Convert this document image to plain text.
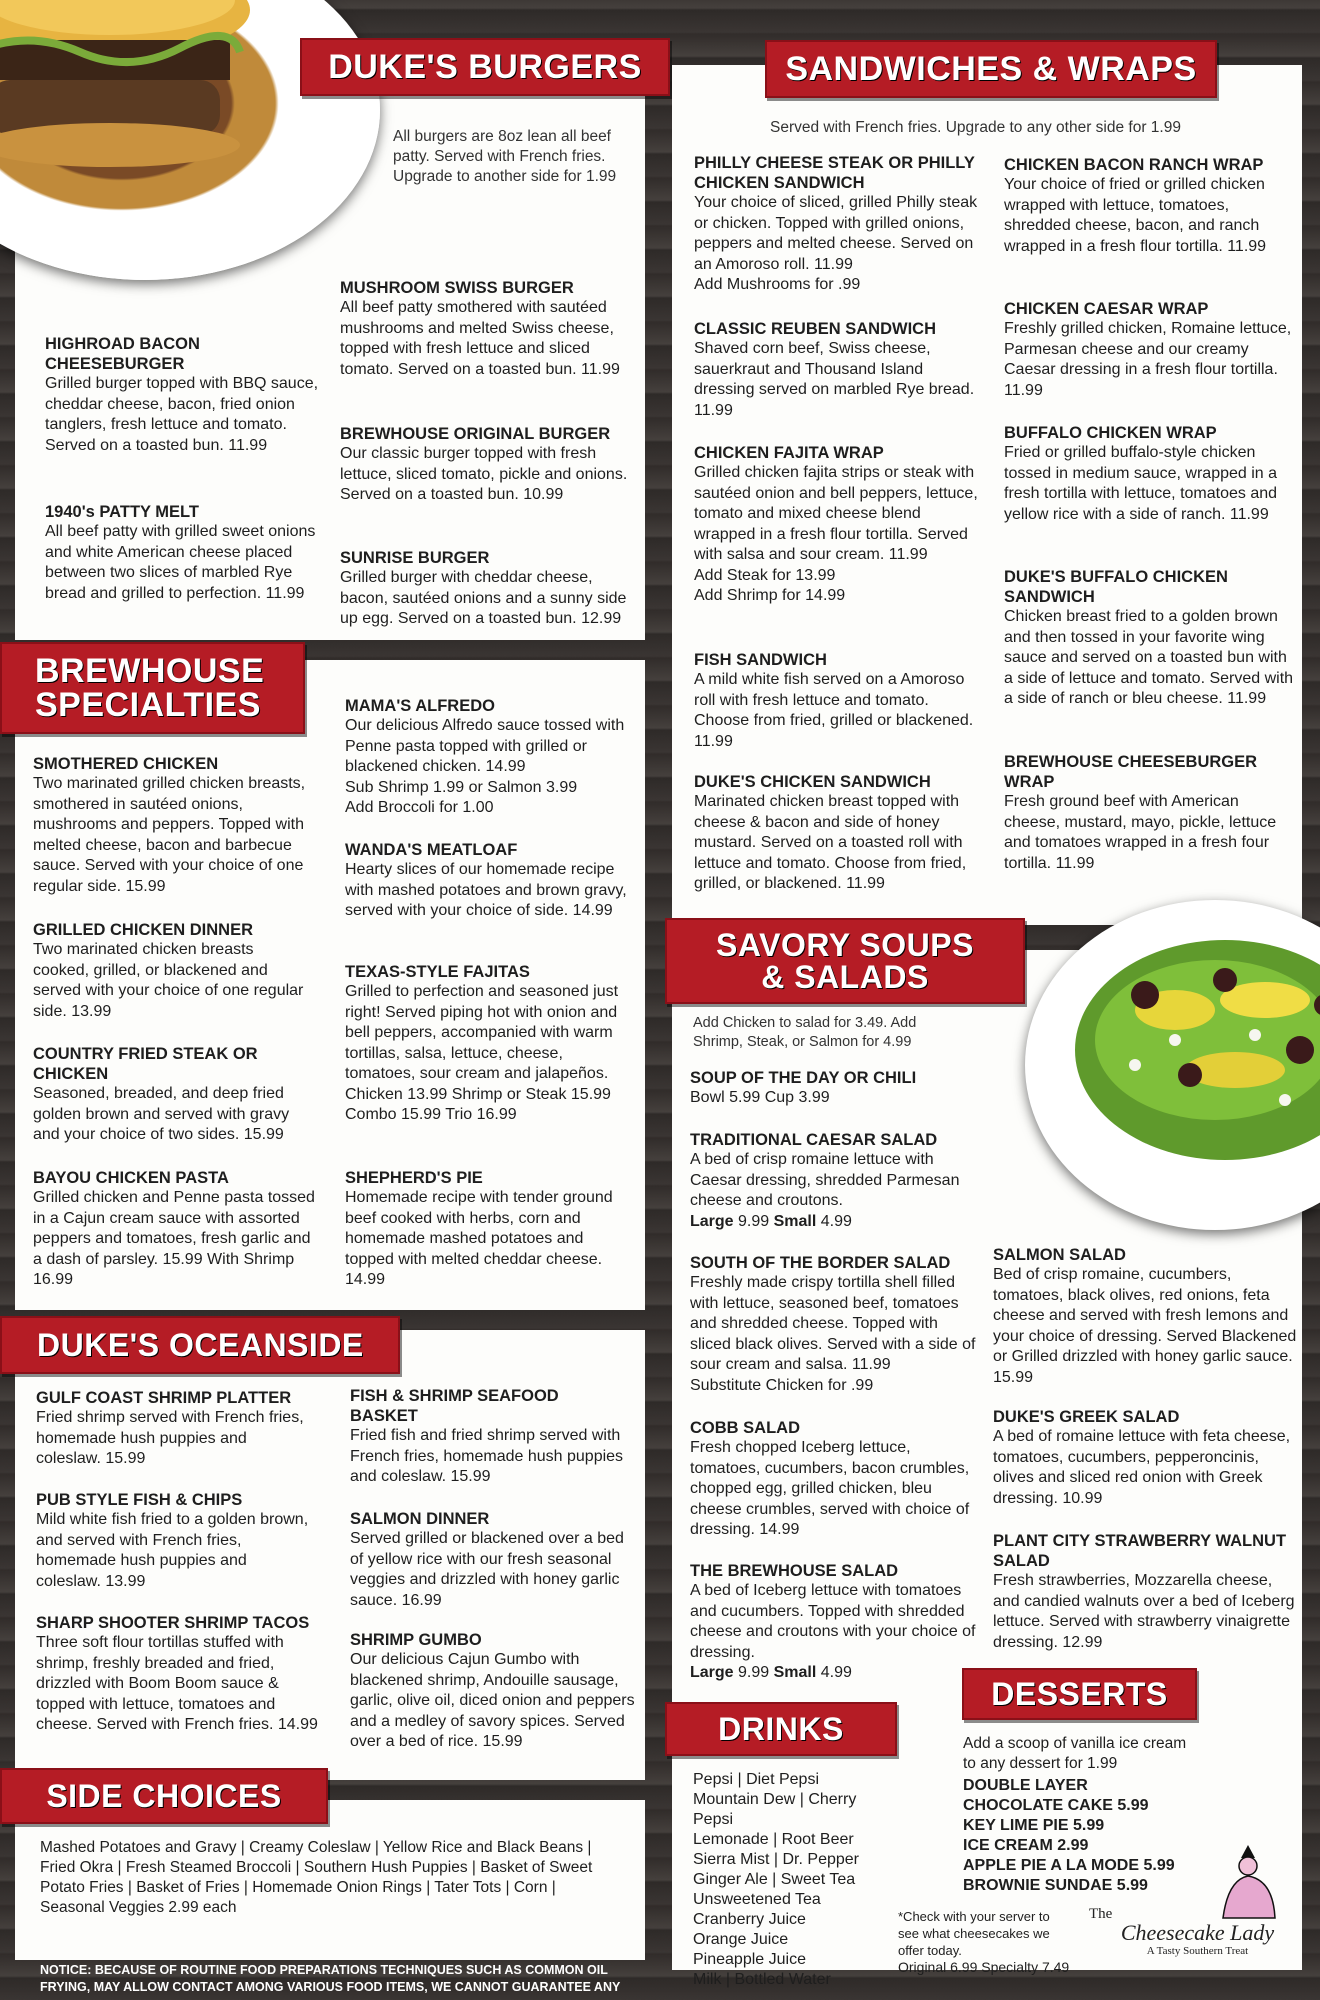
DUKE'S BURGERS
All burgers are 8oz lean all beef patty. Served with French fries. Upgrade to another side for 1.99
HIGHROAD BACON CHEESEBURGER
Grilled burger topped with BBQ sauce, cheddar cheese, bacon, fried onion tanglers, fresh lettuce and tomato. Served on a toasted bun. 11.99
1940's PATTY MELT
All beef patty with grilled sweet onions and white American cheese placed between two slices of marbled Rye bread and grilled to perfection. 11.99
MUSHROOM SWISS BURGER
All beef patty smothered with sautéed mushrooms and melted Swiss cheese, topped with fresh lettuce and sliced tomato. Served on a toasted bun. 11.99
BREWHOUSE ORIGINAL BURGER
Our classic burger topped with fresh lettuce, sliced tomato, pickle and onions. Served on a toasted bun. 10.99
SUNRISE BURGER
Grilled burger with cheddar cheese, bacon, sautéed onions and a sunny side up egg. Served on a toasted bun. 12.99
BREWHOUSE
SPECIALTIES
SMOTHERED CHICKEN
Two marinated grilled chicken breasts, smothered in sautéed onions, mushrooms and peppers. Topped with melted cheese, bacon and barbecue sauce. Served with your choice of one regular side. 15.99
GRILLED CHICKEN DINNER
Two marinated chicken breasts cooked, grilled, or blackened and served with your choice of one regular side. 13.99
COUNTRY FRIED STEAK OR CHICKEN
Seasoned, breaded, and deep fried golden brown and served with gravy and your choice of two sides. 15.99
BAYOU CHICKEN PASTA
Grilled chicken and Penne pasta tossed in a Cajun cream sauce with assorted peppers and tomatoes, fresh garlic and a dash of parsley. 15.99 With Shrimp 16.99
MAMA'S ALFREDO
Our delicious Alfredo sauce tossed with Penne pasta topped with grilled or blackened chicken. 14.99
Sub Shrimp 1.99 or Salmon 3.99
Add Broccoli for 1.00
WANDA'S MEATLOAF
Hearty slices of our homemade recipe with mashed potatoes and brown gravy, served with your choice of side. 14.99
TEXAS-STYLE FAJITAS
Grilled to perfection and seasoned just right! Served piping hot with onion and bell peppers, accompanied with warm tortillas, salsa, lettuce, cheese, tomatoes, sour cream and jalapeños.
Chicken 13.99 Shrimp or Steak 15.99
Combo 15.99 Trio 16.99
SHEPHERD'S PIE
Homemade recipe with tender ground beef cooked with herbs, corn and homemade mashed potatoes and topped with melted cheddar cheese. 14.99
DUKE'S OCEANSIDE
GULF COAST SHRIMP PLATTER
Fried shrimp served with French fries, homemade hush puppies and coleslaw. 15.99
PUB STYLE FISH & CHIPS
Mild white fish fried to a golden brown, and served with French fries, homemade hush puppies and coleslaw. 13.99
SHARP SHOOTER SHRIMP TACOS
Three soft flour tortillas stuffed with shrimp, freshly breaded and fried, drizzled with Boom Boom sauce & topped with lettuce, tomatoes and cheese. Served with French fries. 14.99
FISH & SHRIMP SEAFOOD BASKET
Fried fish and fried shrimp served with French fries, homemade hush puppies and coleslaw. 15.99
SALMON DINNER
Served grilled or blackened over a bed of yellow rice with our fresh seasonal veggies and drizzled with honey garlic sauce. 16.99
SHRIMP GUMBO
Our delicious Cajun Gumbo with blackened shrimp, Andouille sausage, garlic, olive oil, diced onion and peppers and a medley of savory spices. Served over a bed of rice. 15.99
SIDE CHOICES
Mashed Potatoes and Gravy | Creamy Coleslaw | Yellow Rice and Black Beans | Fried Okra | Fresh Steamed Broccoli | Southern Hush Puppies | Basket of Sweet Potato Fries | Basket of Fries | Homemade Onion Rings | Tater Tots | Corn | Seasonal Veggies 2.99 each
NOTICE: BECAUSE OF ROUTINE FOOD PREPARATIONS TECHNIQUES SUCH AS COMMON OIL
FRYING, MAY ALLOW CONTACT AMONG VARIOUS FOOD ITEMS, WE CANNOT GUARANTEE ANY
SANDWICHES & WRAPS
Served with French fries. Upgrade to any other side for 1.99
PHILLY CHEESE STEAK OR PHILLY CHICKEN SANDWICH
Your choice of sliced, grilled Philly steak or chicken. Topped with grilled onions, peppers and melted cheese. Served on an Amoroso roll. 11.99
Add Mushrooms for .99
CLASSIC REUBEN SANDWICH
Shaved corn beef, Swiss cheese, sauerkraut and Thousand Island dressing served on marbled Rye bread. 11.99
CHICKEN FAJITA WRAP
Grilled chicken fajita strips or steak with sautéed onion and bell peppers, lettuce, tomato and mixed cheese blend wrapped in a fresh flour tortilla. Served with salsa and sour cream. 11.99
Add Steak for 13.99
Add Shrimp for 14.99
FISH SANDWICH
A mild white fish served on a Amoroso roll with fresh lettuce and tomato. Choose from fried, grilled or blackened. 11.99
DUKE'S CHICKEN SANDWICH
Marinated chicken breast topped with cheese & bacon and side of honey mustard. Served on a toasted roll with lettuce and tomato. Choose from fried, grilled, or blackened. 11.99
CHICKEN BACON RANCH WRAP
Your choice of fried or grilled chicken wrapped with lettuce, tomatoes, shredded cheese, bacon, and ranch wrapped in a fresh flour tortilla. 11.99
CHICKEN CAESAR WRAP
Freshly grilled chicken, Romaine lettuce, Parmesan cheese and our creamy Caesar dressing in a fresh flour tortilla. 11.99
BUFFALO CHICKEN WRAP
Fried or grilled buffalo-style chicken tossed in medium sauce, wrapped in a fresh tortilla with lettuce, tomatoes and yellow rice with a side of ranch. 11.99
DUKE'S BUFFALO CHICKEN SANDWICH
Chicken breast fried to a golden brown and then tossed in your favorite wing sauce and served on a toasted bun with a side of lettuce and tomato. Served with a side of ranch or bleu cheese. 11.99
BREWHOUSE CHEESEBURGER WRAP
Fresh ground beef with American cheese, mustard, mayo, pickle, lettuce and tomatoes wrapped in a fresh four tortilla. 11.99
SAVORY SOUPS
& SALADS
Add Chicken to salad for 3.49. Add Shrimp, Steak, or Salmon for 4.99
SOUP OF THE DAY OR CHILI
Bowl 5.99 Cup 3.99
TRADITIONAL CAESAR SALAD
A bed of crisp romaine lettuce with Caesar dressing, shredded Parmesan cheese and croutons.
Large 9.99 Small 4.99
SOUTH OF THE BORDER SALAD
Freshly made crispy tortilla shell filled with lettuce, seasoned beef, tomatoes and shredded cheese. Topped with sliced black olives. Served with a side of sour cream and salsa. 11.99
Substitute Chicken for .99
COBB SALAD
Fresh chopped Iceberg lettuce, tomatoes, cucumbers, bacon crumbles, chopped egg, grilled chicken, bleu cheese crumbles, served with choice of dressing. 14.99
THE BREWHOUSE SALAD
A bed of Iceberg lettuce with tomatoes and cucumbers. Topped with shredded cheese and croutons with your choice of dressing.
Large 9.99 Small 4.99
SALMON SALAD
Bed of crisp romaine, cucumbers, tomatoes, black olives, red onions, feta cheese and served with fresh lemons and your choice of dressing. Served Blackened or Grilled drizzled with honey garlic sauce. 15.99
DUKE'S GREEK SALAD
A bed of romaine lettuce with feta cheese, tomatoes, cucumbers, pepperoncinis, olives and sliced red onion with Greek dressing. 10.99
PLANT CITY STRAWBERRY WALNUT SALAD
Fresh strawberries, Mozzarella cheese, and candied walnuts over a bed of Iceberg lettuce. Served with strawberry vinaigrette dressing. 12.99
DESSERTS
Add a scoop of vanilla ice cream to any dessert for 1.99
DOUBLE LAYER
CHOCOLATE CAKE 5.99
KEY LIME PIE 5.99
ICE CREAM 2.99
APPLE PIE A LA MODE 5.99
BROWNIE SUNDAE 5.99
*Check with your server to see what cheesecakes we offer today.
Original 6.99 Specialty 7.49
The
Cheesecake Lady
A Tasty Southern Treat
DRINKS
Pepsi | Diet Pepsi
Mountain Dew | Cherry Pepsi
Lemonade | Root Beer
Sierra Mist | Dr. Pepper
Ginger Ale | Sweet Tea
Unsweetened Tea
Cranberry Juice
Orange Juice
Pineapple Juice
Milk | Bottled Water
